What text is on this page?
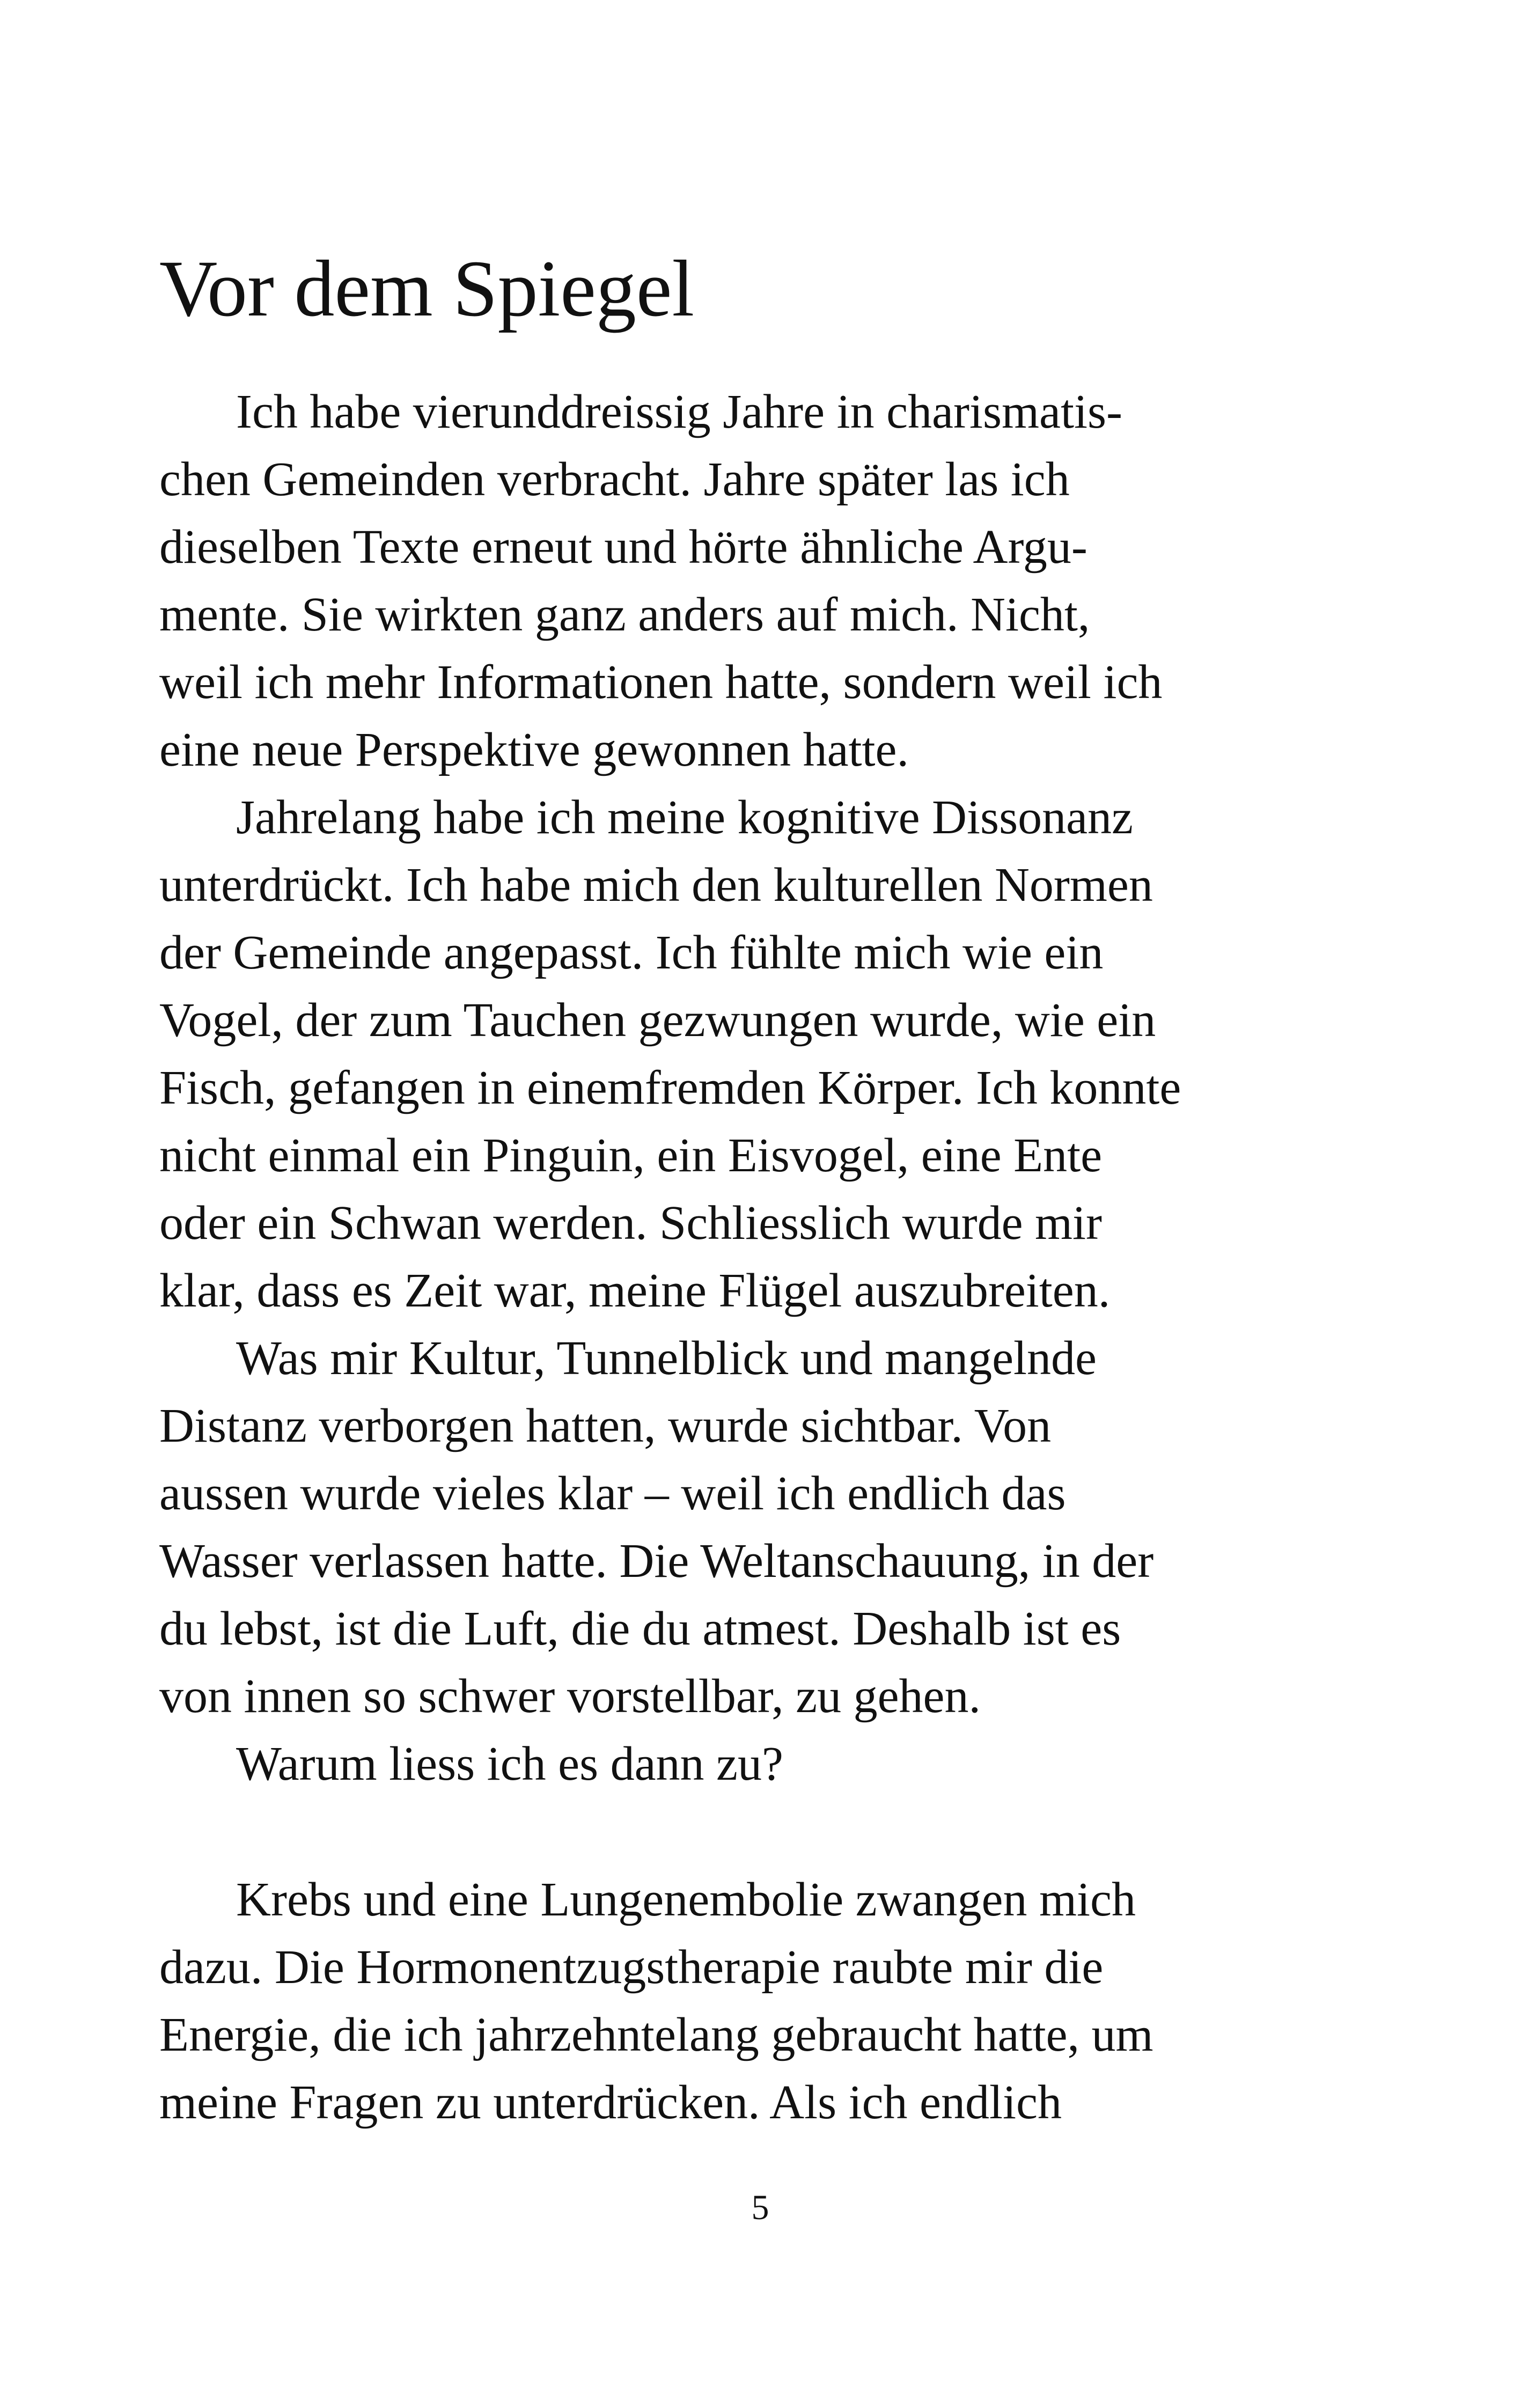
Vor dem Spiegel

Ich habe vierunddreissig Jahre in charismatis-

chen Gemeinden verbracht. Jahre später las ich

dieselben Texte erneut und hörte ähnliche Argu-

mente. Sie wirkten ganz anders auf mich. Nicht,

weil ich mehr Informationen hatte, sondern weil ich

eine neue Perspektive gewonnen hatte.

Jahrelang habe ich meine kognitive Dissonanz

unterdrückt. Ich habe mich den kulturellen Normen

der Gemeinde angepasst. Ich fühlte mich wie ein

Vogel, der zum Tauchen gezwungen wurde, wie ein

Fisch, gefangen in einemfremden Körper. Ich konnte

nicht einmal ein Pinguin, ein Eisvogel, eine Ente

oder ein Schwan werden. Schliesslich wurde mir

klar, dass es Zeit war, meine Flügel auszubreiten.

Was mir Kultur, Tunnelblick und mangelnde

Distanz verborgen hatten, wurde sichtbar. Von

aussen wurde vieles klar – weil ich endlich das

Wasser verlassen hatte. Die Weltanschauung, in der

du lebst, ist die Luft, die du atmest. Deshalb ist es

von innen so schwer vorstellbar, zu gehen.

Warum liess ich es dann zu?

Krebs und eine Lungenembolie zwangen mich

dazu. Die Hormonentzugstherapie raubte mir die

Energie, die ich jahrzehntelang gebraucht hatte, um

meine Fragen zu unterdrücken. Als ich endlich

5
